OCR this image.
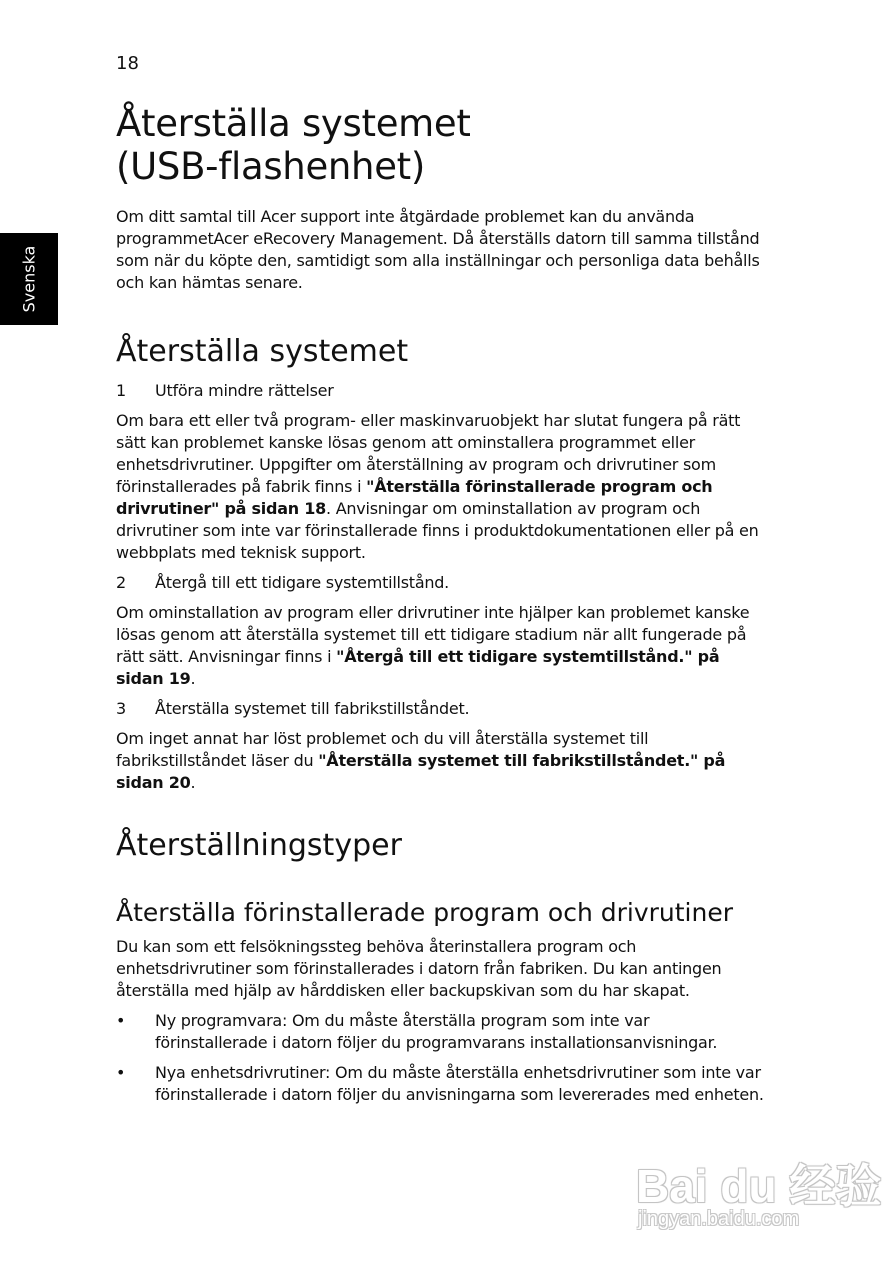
18
Svenska
Återställa systemet
(USB-flashenhet)

Om ditt samtal till Acer support inte åtgärdade problemet kan du använda programmetAcer eRecovery Management. Då återställs datorn till samma tillstånd som när du köpte den, samtidigt som alla inställningar och personliga data behålls och kan hämtas senare.

Återställa systemet
1	Utföra mindre rättelser

Om bara ett eller två program- eller maskinvaruobjekt har slutat fungera på rätt sätt kan problemet kanske lösas genom att ominstallera programmet eller enhetsdrivrutiner. Uppgifter om återställning av program och drivrutiner som förinstallerades på fabrik finns i "Återställa förinstallerade program och drivrutiner" på sidan 18. Anvisningar om ominstallation av program och drivrutiner som inte var förinstallerade finns i produktdokumentationen eller på en webbplats med teknisk support.

2	Återgå till ett tidigare systemtillstånd.

Om ominstallation av program eller drivrutiner inte hjälper kan problemet kanske lösas genom att återställa systemet till ett tidigare stadium när allt fungerade på rätt sätt. Anvisningar finns i "Återgå till ett tidigare systemtillstånd." på sidan 19.

3	Återställa systemet till fabrikstillståndet.

Om inget annat har löst problemet och du vill återställa systemet till fabrikstillståndet läser du "Återställa systemet till fabrikstillståndet." på sidan 20.

Återställningstyper
Återställa förinstallerade program och drivrutiner

Du kan som ett felsökningssteg behöva återinstallera program och enhetsdrivrutiner som förinstallerades i datorn från fabriken. Du kan antingen återställa med hjälp av hårddisken eller backupskivan som du har skapat.

•	Ny programvara: Om du måste återställa program som inte var förinstallerade i datorn följer du programvarans installationsanvisningar.
•	Nya enhetsdrivrutiner: Om du måste återställa enhetsdrivrutiner som inte var förinstallerade i datorn följer du anvisningarna som levererades med enheten.
Bai du 经验
jingyan.baidu.com
